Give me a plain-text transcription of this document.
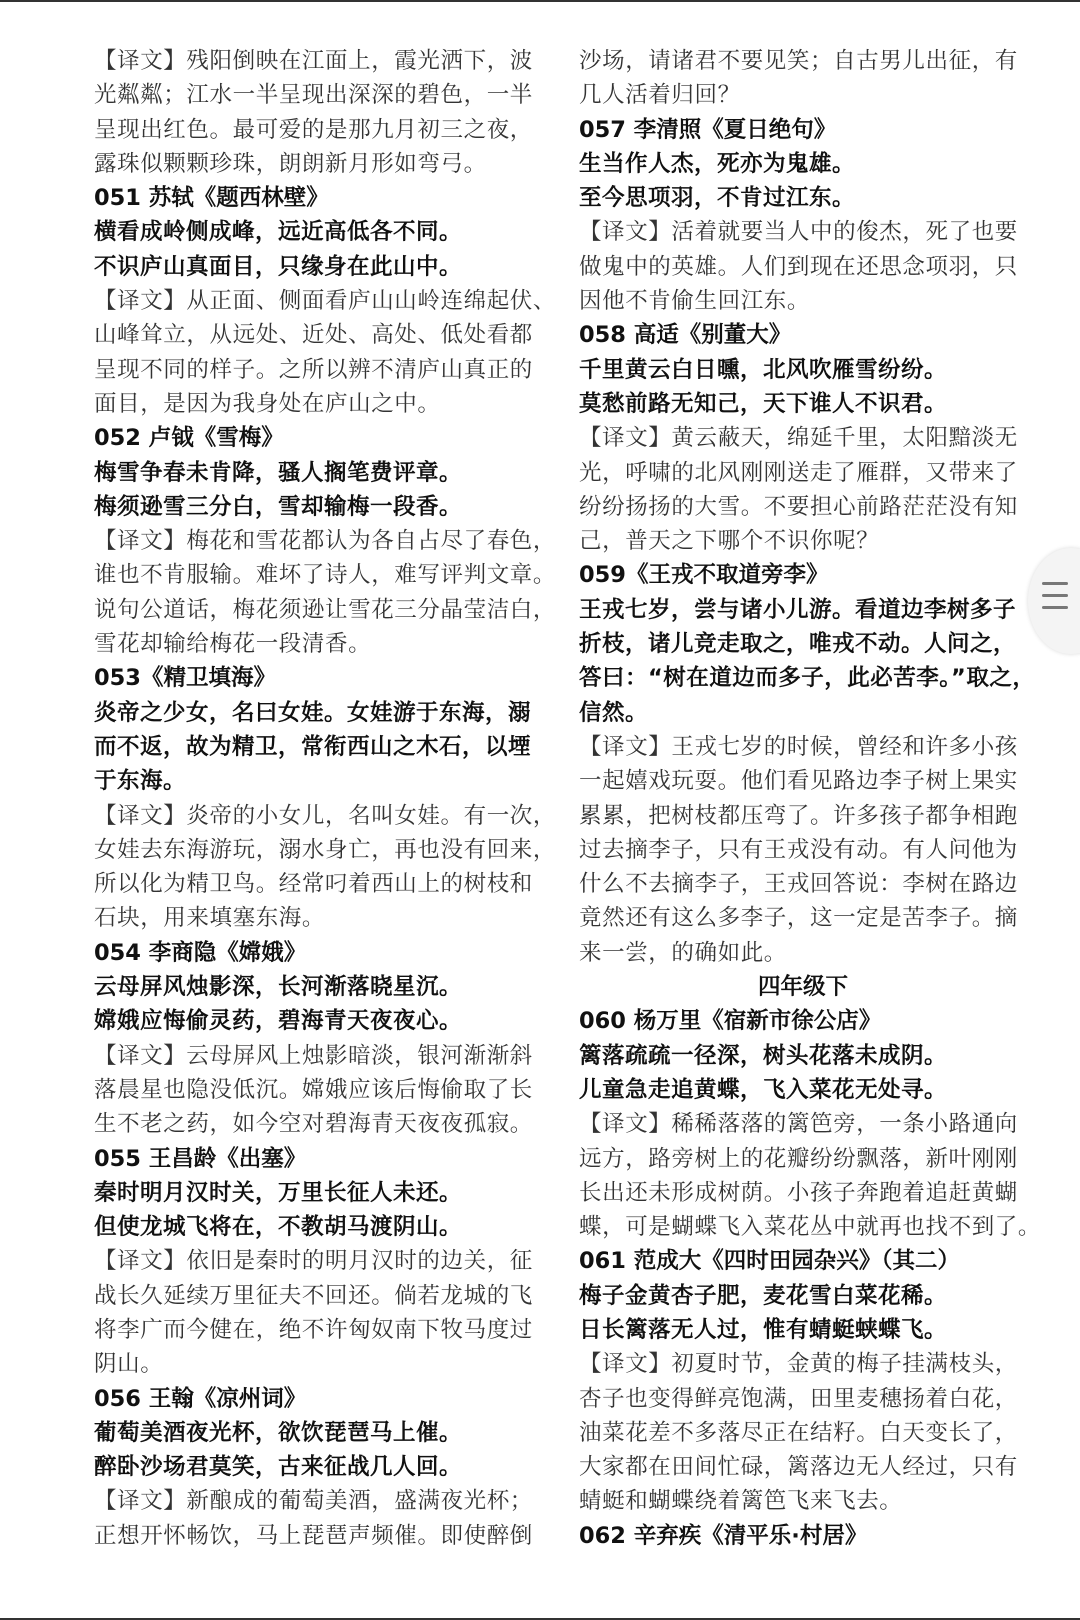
【译文】残阳倒映在江面上，霞光洒下，波
光粼粼；江水一半呈现出深深的碧色，一半
呈现出红色。最可爱的是那九月初三之夜，
露珠似颗颗珍珠，朗朗新月形如弯弓。
051 苏轼《题西林壁》
横看成岭侧成峰，远近高低各不同。
不识庐山真面目，只缘身在此山中。
【译文】从正面、侧面看庐山山岭连绵起伏、
山峰耸立，从远处、近处、高处、低处看都
呈现不同的样子。之所以辨不清庐山真正的
面目，是因为我身处在庐山之中。
052 卢钺《雪梅》
梅雪争春未肯降，骚人搁笔费评章。
梅须逊雪三分白，雪却输梅一段香。
【译文】梅花和雪花都认为各自占尽了春色，
谁也不肯服输。难坏了诗人，难写评判文章。
说句公道话，梅花须逊让雪花三分晶莹洁白，
雪花却输给梅花一段清香。
053《精卫填海》
炎帝之少女，名曰女娃。女娃游于东海，溺
而不返，故为精卫，常衔西山之木石，以堙
于东海。
【译文】炎帝的小女儿，名叫女娃。有一次，
女娃去东海游玩，溺水身亡，再也没有回来，
所以化为精卫鸟。经常叼着西山上的树枝和
石块，用来填塞东海。
054 李商隐《嫦娥》
云母屏风烛影深，长河渐落晓星沉。
嫦娥应悔偷灵药，碧海青天夜夜心。
【译文】云母屏风上烛影暗淡，银河渐渐斜
落晨星也隐没低沉。嫦娥应该后悔偷取了长
生不老之药，如今空对碧海青天夜夜孤寂。
055 王昌龄《出塞》
秦时明月汉时关，万里长征人未还。
但使龙城飞将在，不教胡马渡阴山。
【译文】依旧是秦时的明月汉时的边关，征
战长久延续万里征夫不回还。倘若龙城的飞
将李广而今健在，绝不许匈奴南下牧马度过
阴山。
056 王翰《凉州词》
葡萄美酒夜光杯，欲饮琵琶马上催。
醉卧沙场君莫笑，古来征战几人回。
【译文】新酿成的葡萄美酒，盛满夜光杯；
正想开怀畅饮，马上琵琶声频催。即使醉倒
沙场，请诸君不要见笑；自古男儿出征，有
几人活着归回？
057 李清照《夏日绝句》
生当作人杰，死亦为鬼雄。
至今思项羽，不肯过江东。
【译文】活着就要当人中的俊杰，死了也要
做鬼中的英雄。人们到现在还思念项羽，只
因他不肯偷生回江东。
058 高适《别董大》
千里黄云白日曛，北风吹雁雪纷纷。
莫愁前路无知己，天下谁人不识君。
【译文】黄云蔽天，绵延千里，太阳黯淡无
光，呼啸的北风刚刚送走了雁群，又带来了
纷纷扬扬的大雪。不要担心前路茫茫没有知
己，普天之下哪个不识你呢？
059《王戎不取道旁李》
王戎七岁，尝与诸小儿游。看道边李树多子
折枝，诸儿竞走取之，唯戎不动。人问之，
答曰：“树在道边而多子，此必苦李。”取之，
信然。
【译文】王戎七岁的时候，曾经和许多小孩
一起嬉戏玩耍。他们看见路边李子树上果实
累累，把树枝都压弯了。许多孩子都争相跑
过去摘李子，只有王戎没有动。有人问他为
什么不去摘李子，王戎回答说：李树在路边
竟然还有这么多李子，这一定是苦李子。摘
来一尝，的确如此。
四年级下
060 杨万里《宿新市徐公店》
篱落疏疏一径深，树头花落未成阴。
儿童急走追黄蝶，飞入菜花无处寻。
【译文】稀稀落落的篱笆旁，一条小路通向
远方，路旁树上的花瓣纷纷飘落，新叶刚刚
长出还未形成树荫。小孩子奔跑着追赶黄蝴
蝶，可是蝴蝶飞入菜花丛中就再也找不到了。
061 范成大《四时田园杂兴》（其二）
梅子金黄杏子肥，麦花雪白菜花稀。
日长篱落无人过，惟有蜻蜓蛱蝶飞。
【译文】初夏时节，金黄的梅子挂满枝头，
杏子也变得鲜亮饱满，田里麦穗扬着白花，
油菜花差不多落尽正在结籽。白天变长了，
大家都在田间忙碌，篱落边无人经过，只有
蜻蜓和蝴蝶绕着篱笆飞来飞去。
062 辛弃疾《清平乐·村居》
